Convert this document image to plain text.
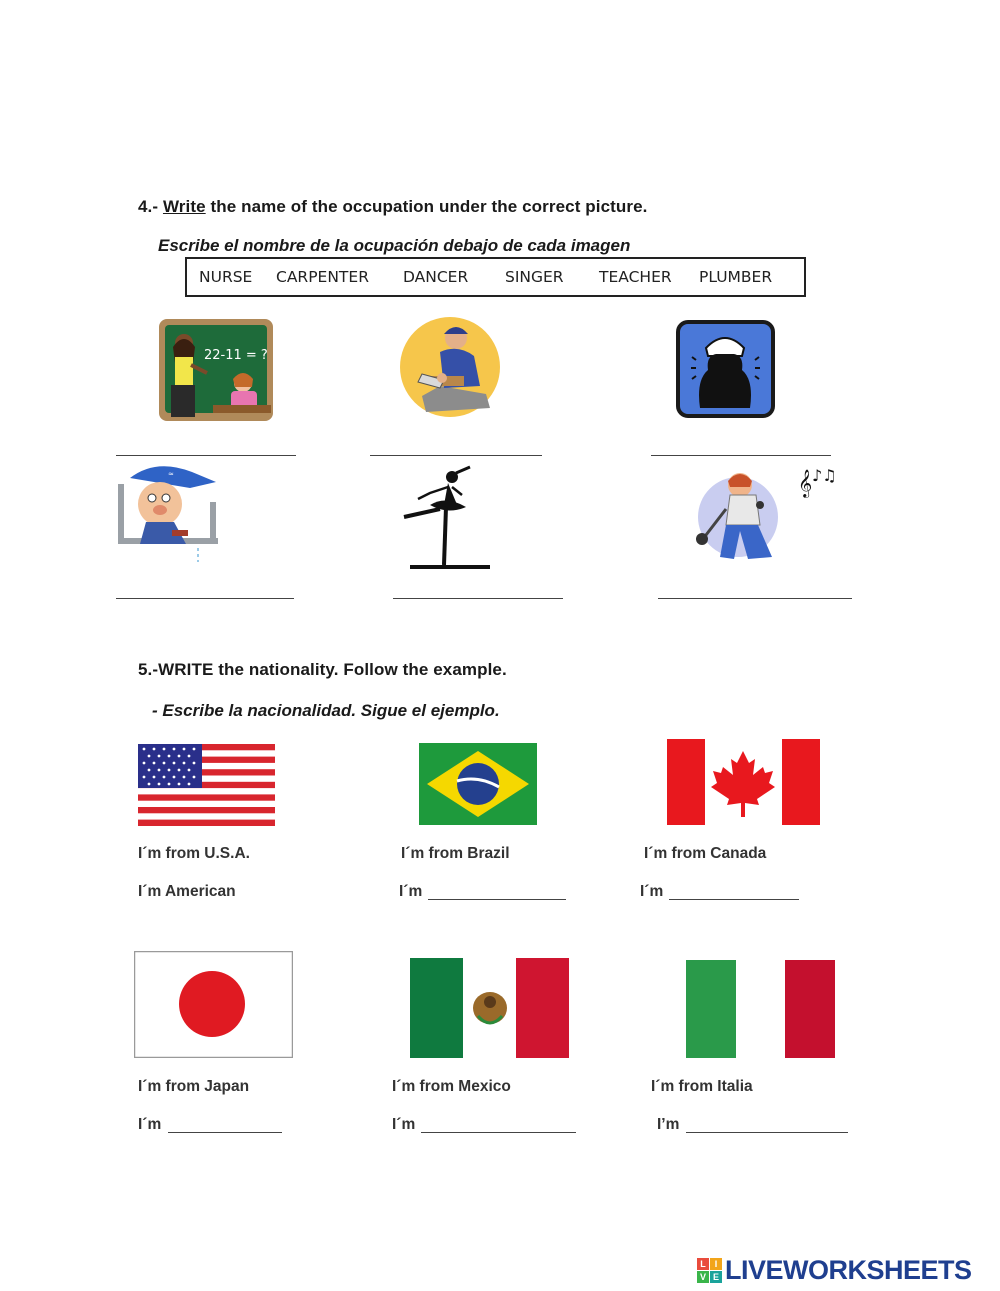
4.- Write the name of the occupation under the correct picture.
Escribe el nombre de la ocupación debajo de cada imagen
NURSE CARPENTER DANCER SINGER TEACHER PLUMBER
22-11 = ?
≈	𝄞 ♪♫
5.-WRITE the nationality. Follow the example.
- Escribe la nacionalidad. Sigue el ejemplo.
I´m from U.S.A.	I´m from Brazil	I´m from Canada
I´m American	I´m	I´m
I´m from Japan	I´m from Mexico	I´m from Italia
I´m	I´m	I’m
L I
V E LIVEWORKSHEETS
